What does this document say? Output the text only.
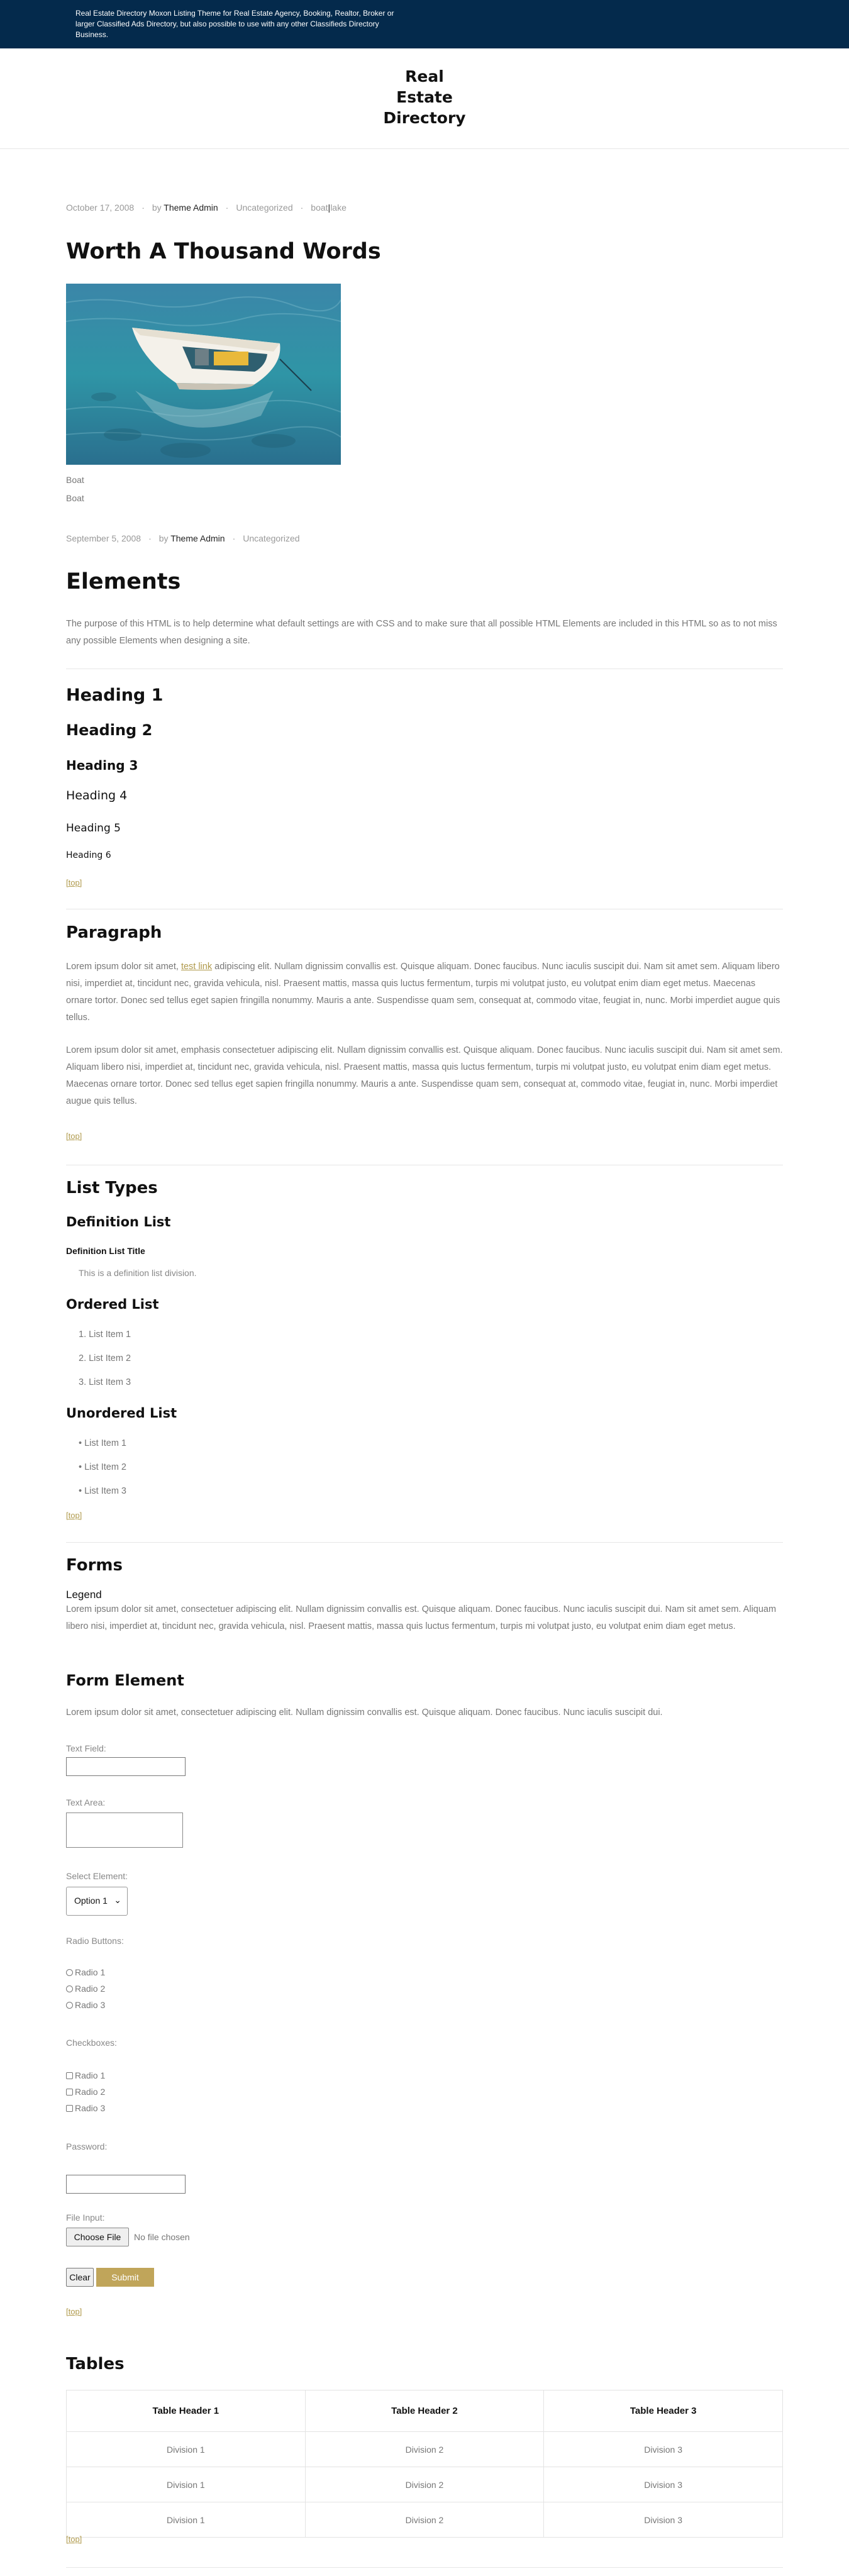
Real Estate Directory Moxon Listing Theme for Real Estate Agency, Booking, Realtor, Broker or larger Classified Ads Directory, but also possible to use with any other Classifieds Directory Business.

Real
Estate
Directory
October 17, 2008 · by Theme Admin · Uncategorized · boat|lake
Worth A Thousand Words
Boat
Boat
September 5, 2008 · by Theme Admin · Uncategorized
Elements

The purpose of this HTML is to help determine what default settings are with CSS and to make sure that all possible HTML Elements are included in this HTML so as to not miss any possible Elements when designing a site.

Heading 1
Heading 2
Heading 3
Heading 4
Heading 5
Heading 6
[top]
Paragraph

Lorem ipsum dolor sit amet, test link adipiscing elit. Nullam dignissim convallis est. Quisque aliquam. Donec faucibus. Nunc iaculis suscipit dui. Nam sit amet sem. Aliquam libero nisi, imperdiet at, tincidunt nec, gravida vehicula, nisl. Praesent mattis, massa quis luctus fermentum, turpis mi volutpat justo, eu volutpat enim diam eget metus. Maecenas ornare tortor. Donec sed tellus eget sapien fringilla nonummy. Mauris a ante. Suspendisse quam sem, consequat at, commodo vitae, feugiat in, nunc. Morbi imperdiet augue quis tellus.

Lorem ipsum dolor sit amet, emphasis consectetuer adipiscing elit. Nullam dignissim convallis est. Quisque aliquam. Donec faucibus. Nunc iaculis suscipit dui. Nam sit amet sem. Aliquam libero nisi, imperdiet at, tincidunt nec, gravida vehicula, nisl. Praesent mattis, massa quis luctus fermentum, turpis mi volutpat justo, eu volutpat enim diam eget metus. Maecenas ornare tortor. Donec sed tellus eget sapien fringilla nonummy. Mauris a ante. Suspendisse quam sem, consequat at, commodo vitae, feugiat in, nunc. Morbi imperdiet augue quis tellus.

[top]
List Types
Definition List
Definition List Title
This is a definition list division.
Ordered List
1. List Item 1
2. List Item 2
3. List Item 3
Unordered List
• List Item 1
• List Item 2
• List Item 3
[top]
Forms
Legend

Lorem ipsum dolor sit amet, consectetuer adipiscing elit. Nullam dignissim convallis est. Quisque aliquam. Donec faucibus. Nunc iaculis suscipit dui. Nam sit amet sem. Aliquam libero nisi, imperdiet at, tincidunt nec, gravida vehicula, nisl. Praesent mattis, massa quis luctus fermentum, turpis mi volutpat justo, eu volutpat enim diam eget metus.

Form Element

Lorem ipsum dolor sit amet, consectetuer adipiscing elit. Nullam dignissim convallis est. Quisque aliquam. Donec faucibus. Nunc iaculis suscipit dui.

Text Field:
Text Area:
Select Element:
Option 1 ⌄
Radio Buttons:
Radio 1
Radio 2
Radio 3
Checkboxes:
Radio 1
Radio 2
Radio 3
Password:
File Input:
Choose File	No file chosen
Clear	Submit
[top]
Tables
Table Header 1	Table Header 2	Table Header 3
Division 1	Division 2	Division 3
Division 1	Division 2	Division 3
Division 1	Division 2	Division 3
[top]
